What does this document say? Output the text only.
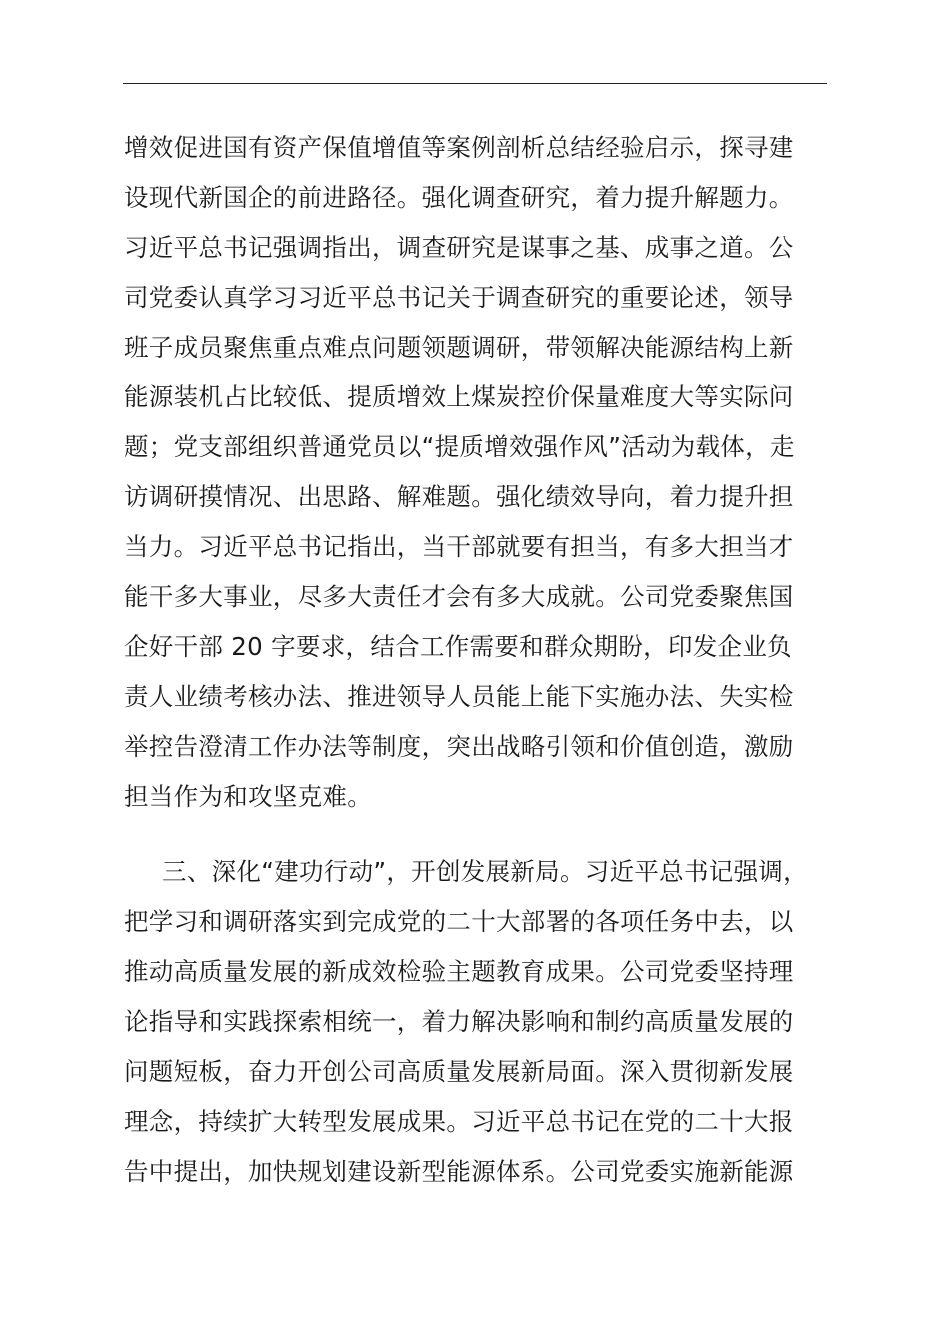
增效促进国有资产保值增值等案例剖析总结经验启示，探寻建
设现代新国企的前进路径。强化调查研究，着力提升解题力。
习近平总书记强调指出，调查研究是谋事之基、成事之道。公
司党委认真学习习近平总书记关于调查研究的重要论述，领导
班子成员聚焦重点难点问题领题调研，带领解决能源结构上新
能源装机占比较低、提质增效上煤炭控价保量难度大等实际问
题；党支部组织普通党员以“提质增效强作风”活动为载体，走
访调研摸情况、出思路、解难题。强化绩效导向，着力提升担
当力。习近平总书记指出，当干部就要有担当，有多大担当才
能干多大事业，尽多大责任才会有多大成就。公司党委聚焦国
企好干部 20 字要求，结合工作需要和群众期盼，印发企业负
责人业绩考核办法、推进领导人员能上能下实施办法、失实检
举控告澄清工作办法等制度，突出战略引领和价值创造，激励
担当作为和攻坚克难。
三、深化“建功行动”，开创发展新局。习近平总书记强调，
把学习和调研落实到完成党的二十大部署的各项任务中去，以
推动高质量发展的新成效检验主题教育成果。公司党委坚持理
论指导和实践探索相统一，着力解决影响和制约高质量发展的
问题短板，奋力开创公司高质量发展新局面。深入贯彻新发展
理念，持续扩大转型发展成果。习近平总书记在党的二十大报
告中提出，加快规划建设新型能源体系。公司党委实施新能源
